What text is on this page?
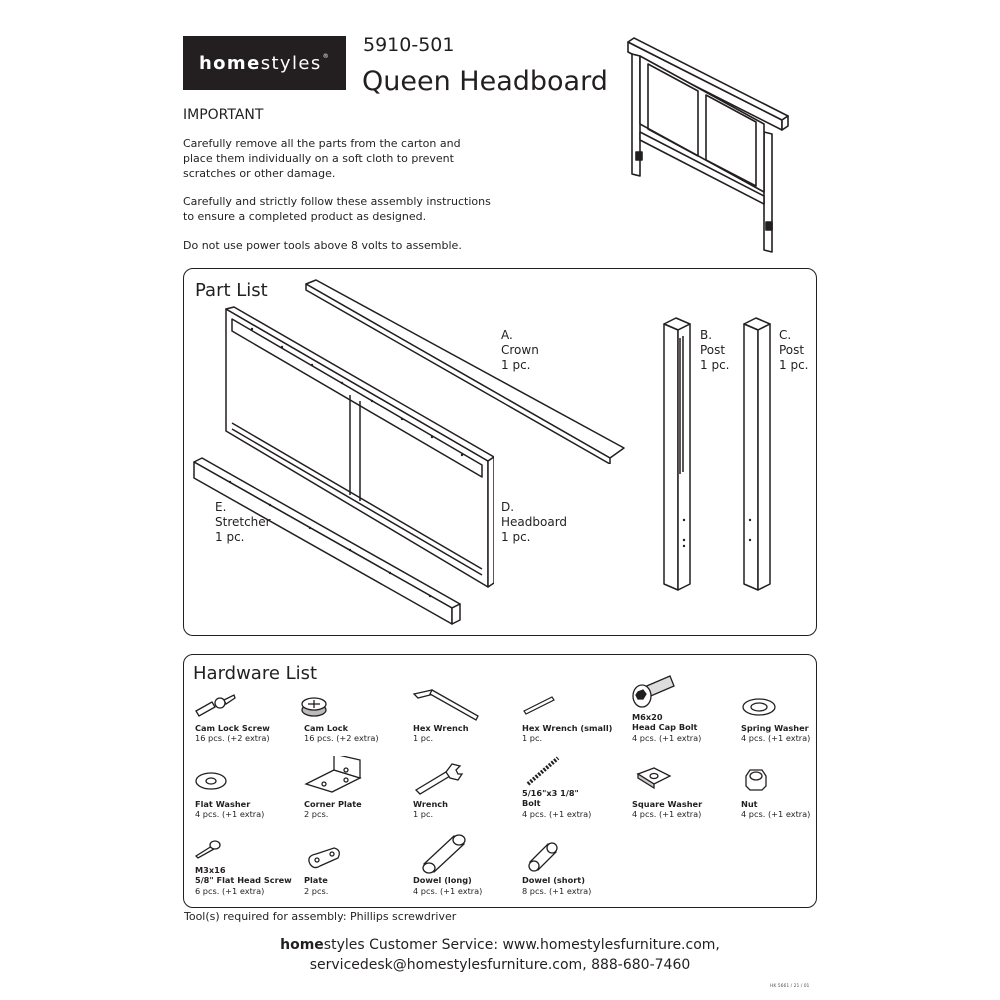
homestyles® 5910-501
Queen Headboard
IMPORTANT
Carefully remove all the parts from the carton and place them individually on a soft cloth to prevent scratches or other damage.
Carefully and strictly follow these assembly instructions to ensure a completed product as designed.
Do not use power tools above 8 volts to assemble.
Part List
A.
Crown
1 pc.
B.
Post
1 pc.
C.
Post
1 pc.
D.
Headboard
1 pc.
E.
Stretcher
1 pc.
Hardware List
Cam Lock Screw
16 pcs. (+2 extra)
Cam Lock
16 pcs. (+2 extra)
Hex Wrench
1 pc.
Hex Wrench (small)
1 pc.
M6x20
Head Cap Bolt
4 pcs. (+1 extra)
Spring Washer
4 pcs. (+1 extra)
Flat Washer
4 pcs. (+1 extra)
Corner Plate
2 pcs.
Wrench
1 pc.
5/16"x3 1/8"
Bolt
4 pcs. (+1 extra)
Square Washer
4 pcs. (+1 extra)
Nut
4 pcs. (+1 extra)
M3x16
5/8" Flat Head Screw
6 pcs. (+1 extra)
Plate
2 pcs.
Dowel (long)
4 pcs. (+1 extra)
Dowel (short)
8 pcs. (+1 extra)
Tool(s) required for assembly: Phillips screwdriver
homestyles Customer Service: www.homestylesfurniture.com,
servicedesk@homestylesfurniture.com, 888-680-7460
HK 5661 / 21 / 01
